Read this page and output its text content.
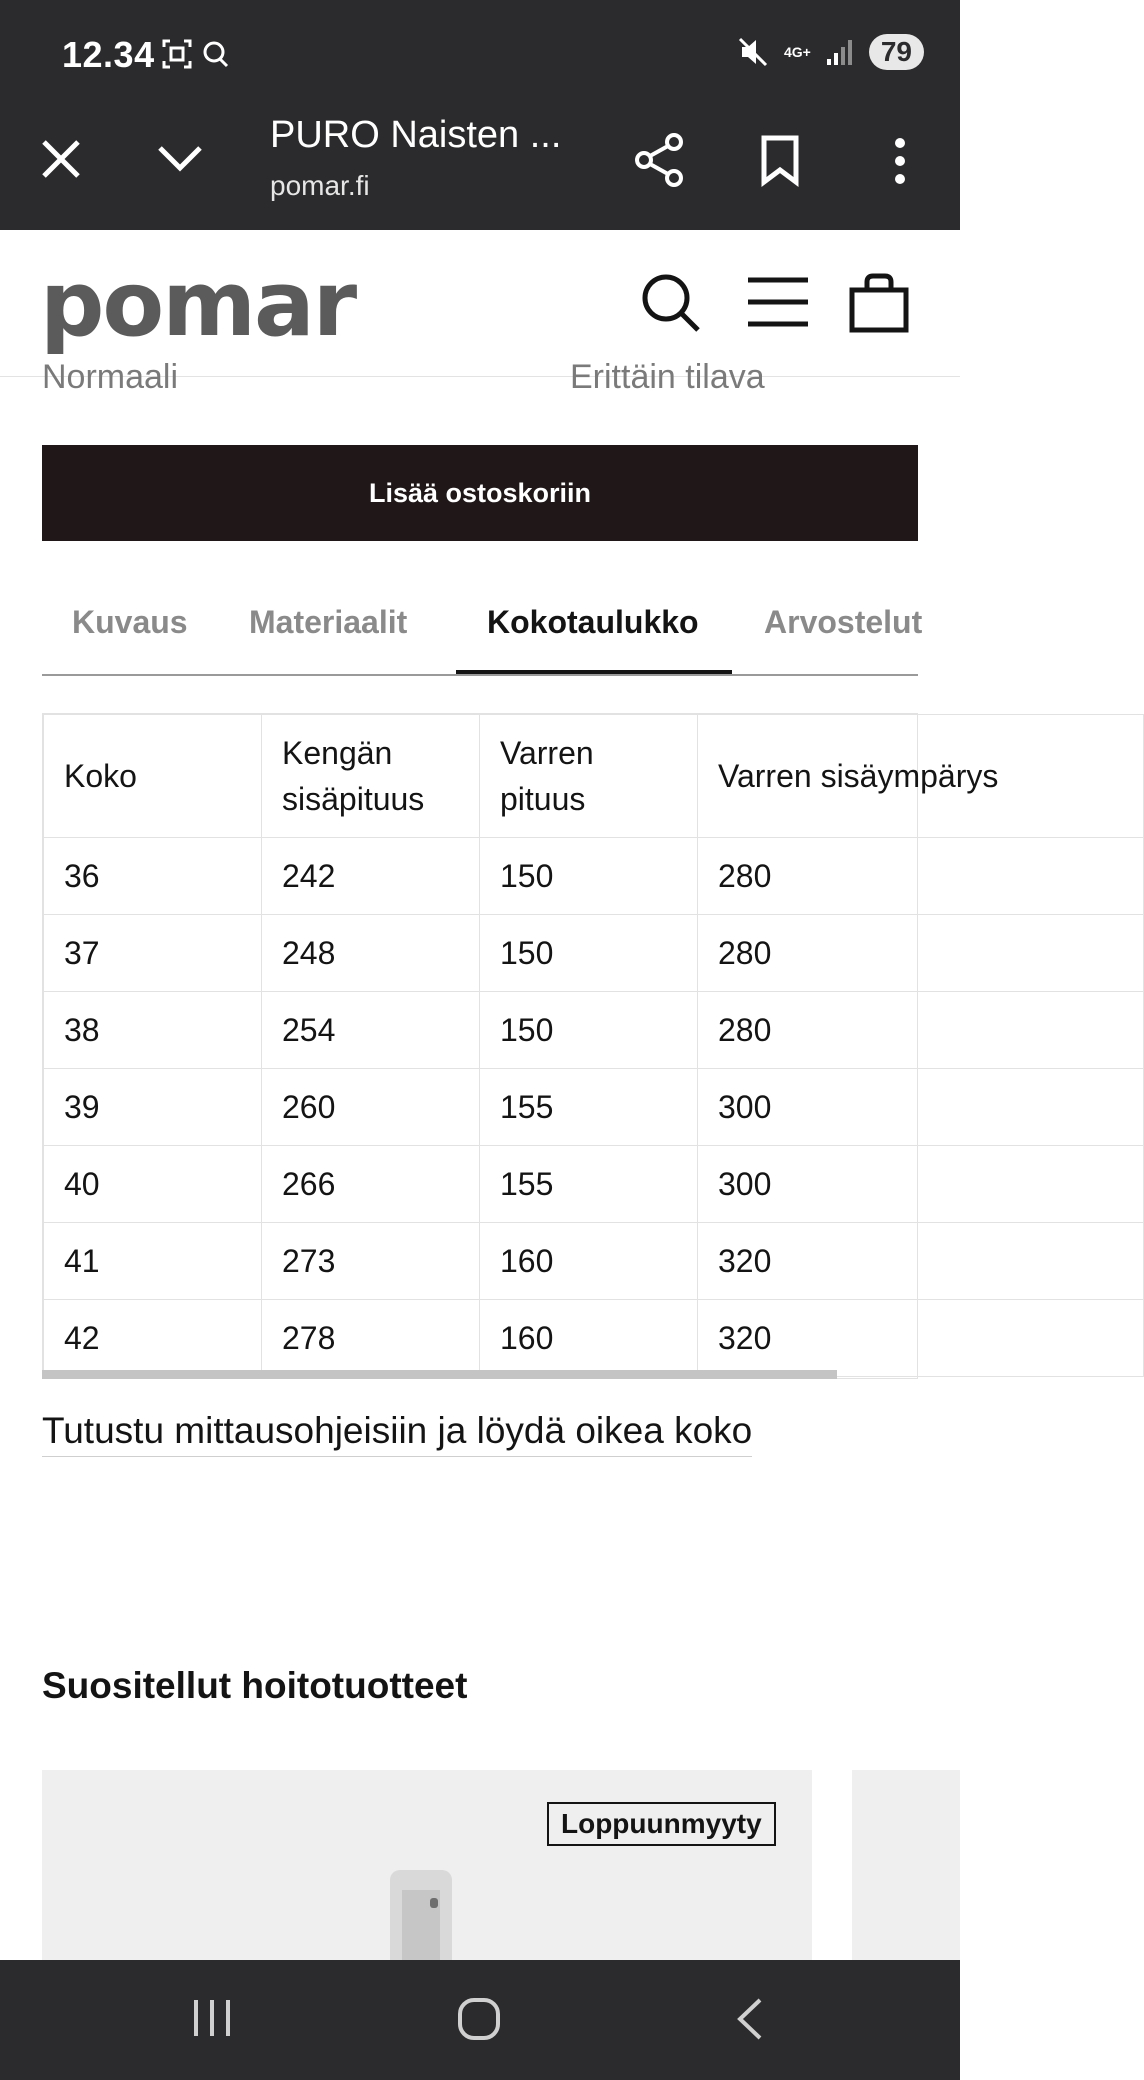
12.34	4G+	79
PURO Naisten ...
pomar.fi
pomar
Normaali	Erittäin tilava
Lisää ostoskoriin
Kuvaus Materiaalit Kokotaulukko Arvostelut
Koko	Kengän sisäpituus	Varren pituus	Varren sisäympärys
36	242	150	280
37	248	150	280
38	254	150	280
39	260	155	300
40	266	155	300
41	273	160	320
42	278	160	320
Tutustu mittausohjeisiin ja löydä oikea koko
Suositellut hoitotuotteet
Loppuunmyyty
